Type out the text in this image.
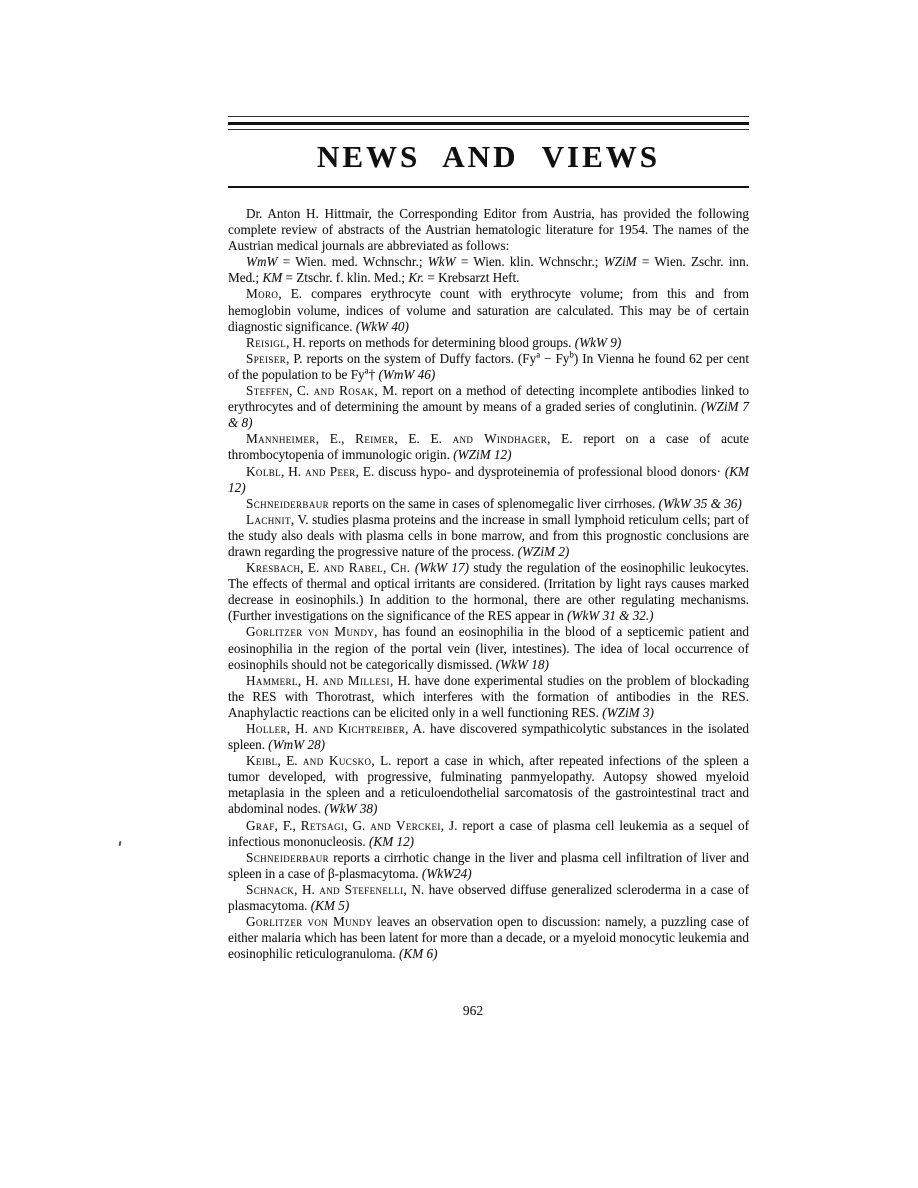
NEWS AND VIEWS

Dr. Anton H. Hittmair, the Corresponding Editor from Austria, has provided the following complete review of abstracts of the Austrian hematologic literature for 1954. The names of the Austrian medical journals are abbreviated as follows:

WmW = Wien. med. Wchnschr.; WkW = Wien. klin. Wchnschr.; WZiM = Wien. Zschr. inn. Med.; KM = Ztschr. f. klin. Med.; Kr. = Krebsarzt Heft.

Moro, E. compares erythrocyte count with erythrocyte volume; from this and from hemoglobin volume, indices of volume and saturation are calculated. This may be of certain diagnostic significance. (WkW 40)

Reisigl, H. reports on methods for determining blood groups. (WkW 9)

Speiser, P. reports on the system of Duffy factors. $(Fy^a - Fy^b)$ In Vienna he found 62 per cent of the population to be Fy$^a$† (WmW 46)

Steffen, C. and Rosak, M. report on a method of detecting incomplete antibodies linked to erythrocytes and of determining the amount by means of a graded series of conglutinin. (WZiM 7 & 8)

Mannheimer, E., Reimer, E. E. and Windhager, E. report on a case of acute thrombocytopenia of immunologic origin. (WZiM 12)

Kolbl, H. and Peer, E. discuss hypo- and dysproteinemia of professional blood donors· (KM 12)

Schneiderbaur reports on the same in cases of splenomegalic liver cirrhoses. (WkW 35 & 36)

Lachnit, V. studies plasma proteins and the increase in small lymphoid reticulum cells; part of the study also deals with plasma cells in bone marrow, and from this prognostic conclusions are drawn regarding the progressive nature of the process. (WZiM 2)

Kresbach, E. and Rabel, Ch. (WkW 17) study the regulation of the eosinophilic leukocytes. The effects of thermal and optical irritants are considered. (Irritation by light rays causes marked decrease in eosinophils.) In addition to the hormonal, there are other regulating mechanisms. (Further investigations on the significance of the RES appear in (WkW 31 & 32.)

Gorlitzer von Mundy, has found an eosinophilia in the blood of a septicemic patient and eosinophilia in the region of the portal vein (liver, intestines). The idea of local occurrence of eosinophils should not be categorically dismissed. (WkW 18)

Hammerl, H. and Millesi, H. have done experimental studies on the problem of blockading the RES with Thorotrast, which interferes with the formation of antibodies in the RES. Anaphylactic reactions can be elicited only in a well functioning RES. (WZiM 3)

Holler, H. and Kichtreiber, A. have discovered sympathicolytic substances in the isolated spleen. (WmW 28)

Keibl, E. and Kucsko, L. report a case in which, after repeated infections of the spleen a tumor developed, with progressive, fulminating panmyelopathy. Autopsy showed myeloid metaplasia in the spleen and a reticuloendothelial sarcomatosis of the gastrointestinal tract and abdominal nodes. (WkW 38)

Graf, F., Retsagi, G. and Verckei, J. report a case of plasma cell leukemia as a sequel of infectious mononucleosis. (KM 12)

Schneiderbaur reports a cirrhotic change in the liver and plasma cell infiltration of liver and spleen in a case of β-plasmacytoma. (WkW24)

Schnack, H. and Stefenelli, N. have observed diffuse generalized scleroderma in a case of plasmacytoma. (KM 5)

Gorlitzer von Mundy leaves an observation open to discussion: namely, a puzzling case of either malaria which has been latent for more than a decade, or a myeloid monocytic leukemia and eosinophilic reticulogranuloma. (KM 6)

962
